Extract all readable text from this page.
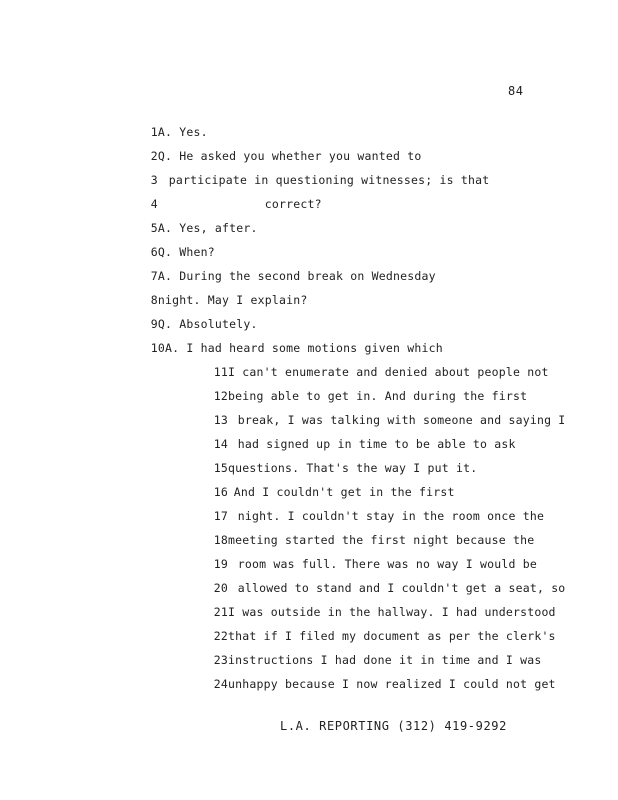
84

1A. Yes.

2Q. He asked you whether you wanted to

3 participate in questioning witnesses; is that

4	correct?

5A. Yes, after.

6Q. When?

7A. During the second break on Wednesday

8night. May I explain?

9Q. Absolutely.

10A. I had heard some motions given which

11I can't enumerate and denied about people not

12being able to get in. And during the first

13 break, I was talking with someone and saying I

14 had signed up in time to be able to ask

15questions. That's the way I put it.

16 And I couldn't get in the first

17 night. I couldn't stay in the room once the

18meeting started the first night because the

19 room was full. There was no way I would be

20 allowed to stand and I couldn't get a seat, so

21I was outside in the hallway. I had understood

22that if I filed my document as per the clerk's

23instructions I had done it in time and I was

24unhappy because I now realized I could not get

L.A. REPORTING (312) 419-9292
